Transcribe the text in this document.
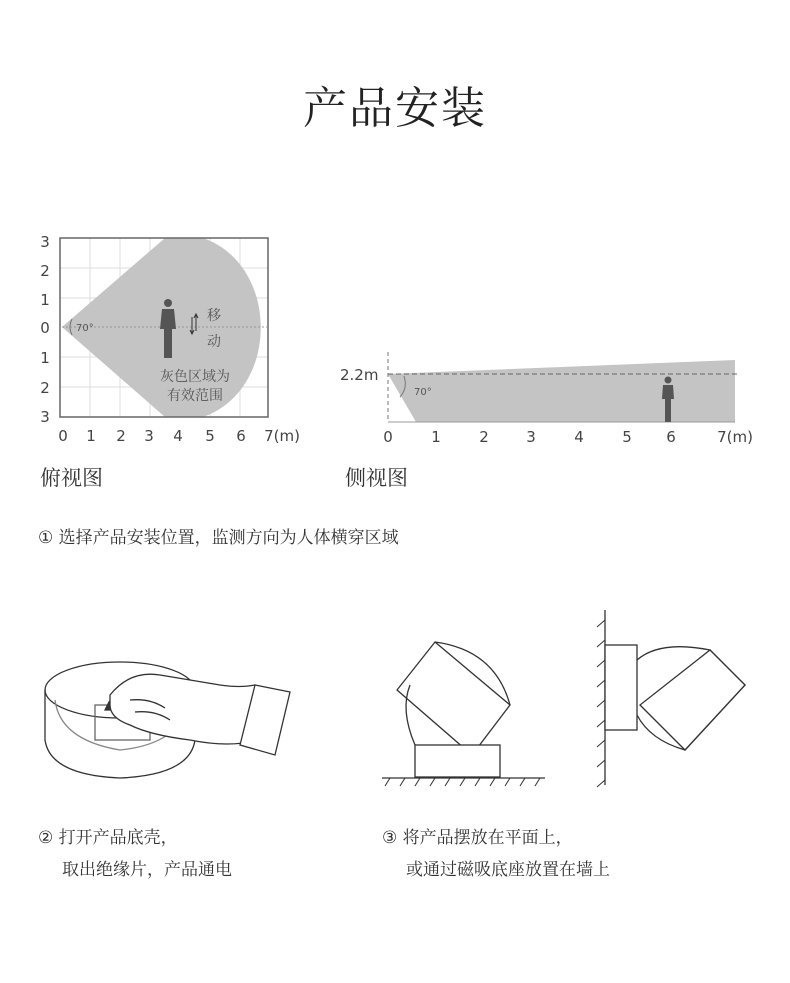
产品安装
70°
移
动
灰色区域为
有效范围
3
2
1
0
1
2
3
0 1 2 3 4 5 6 7(m)
俯视图
70°
2.2m
0	1	2 3	4	5 6	7(m)
侧视图
① 选择产品安装位置，监测方向为人体横穿区域
② 打开产品底壳，
取出绝缘片，产品通电
③ 将产品摆放在平面上，
或通过磁吸底座放置在墙上
